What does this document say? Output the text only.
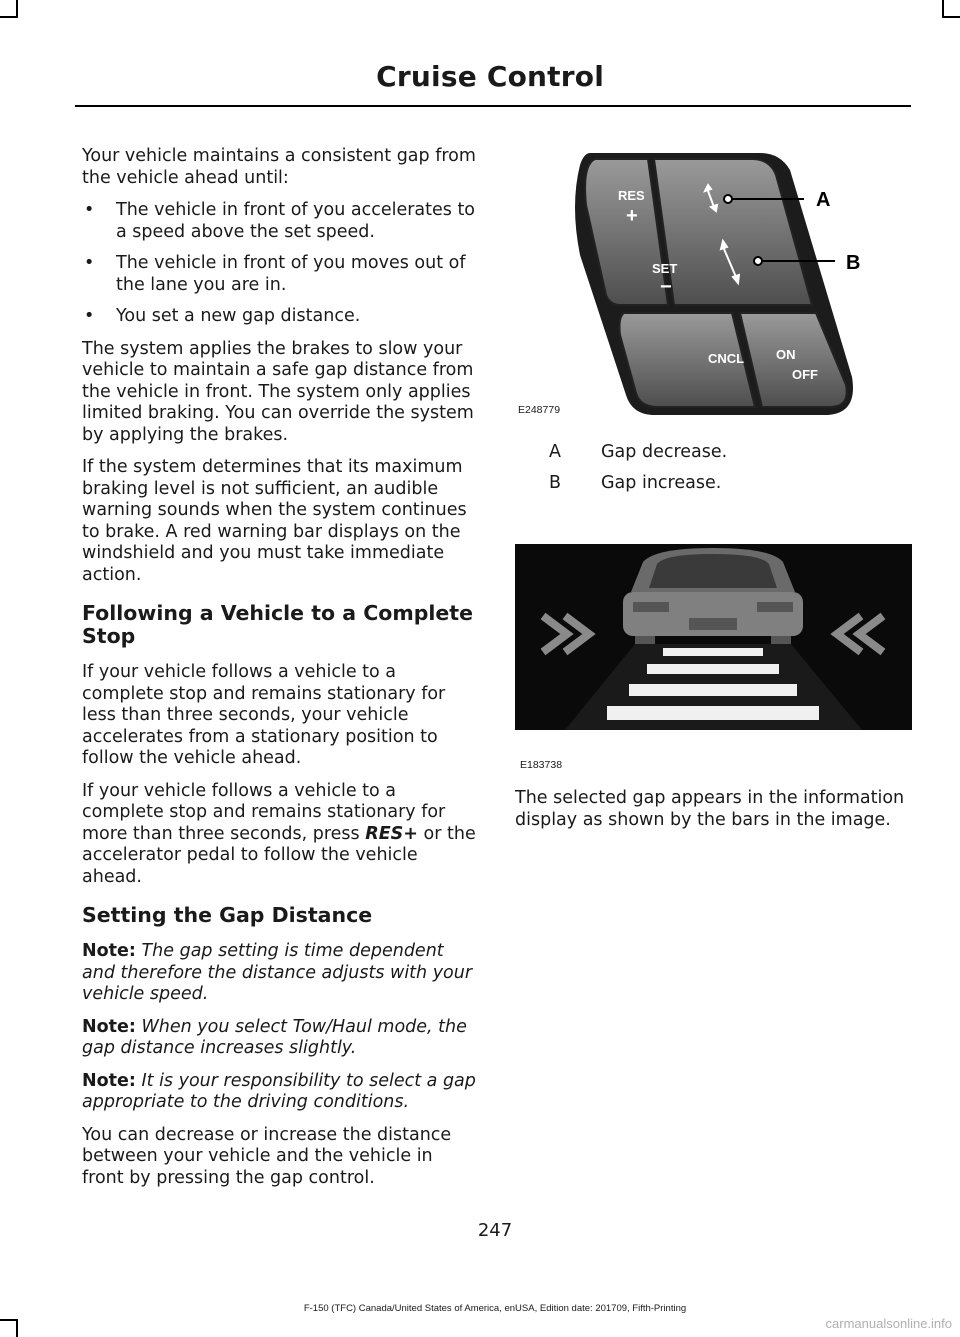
Cruise Control

Your vehicle maintains a consistent gap from the vehicle ahead until:

• The vehicle in front of you accelerates to a speed above the set speed.
• The vehicle in front of you moves out of the lane you are in.
• You set a new gap distance.

The system applies the brakes to slow your vehicle to maintain a safe gap distance from the vehicle in front. The system only applies limited braking. You can override the system by applying the brakes.

If the system determines that its maximum braking level is not sufficient, an audible warning sounds when the system continues to brake. A red warning bar displays on the windshield and you must take immediate action.

Following a Vehicle to a Complete Stop

If your vehicle follows a vehicle to a complete stop and remains stationary for less than three seconds, your vehicle accelerates from a stationary position to follow the vehicle ahead.

If your vehicle follows a vehicle to a complete stop and remains stationary for more than three seconds, press RES+ or the accelerator pedal to follow the vehicle ahead.

Setting the Gap Distance

Note: The gap setting is time dependent and therefore the distance adjusts with your vehicle speed.

Note: When you select Tow/Haul mode, the gap distance increases slightly.

Note: It is your responsibility to select a gap appropriate to the driving conditions.

You can decrease or increase the distance between your vehicle and the vehicle in front by pressing the gap control.

RES
+
SET
−
CNCL ON
OFF
A
B
E248779
A Gap decrease.
B Gap increase.
E183738
The selected gap appears in the information display as shown by the bars in the image.
247
F-150 (TFC) Canada/United States of America, enUSA, Edition date: 201709, Fifth-Printing
carmanualsonline.info
